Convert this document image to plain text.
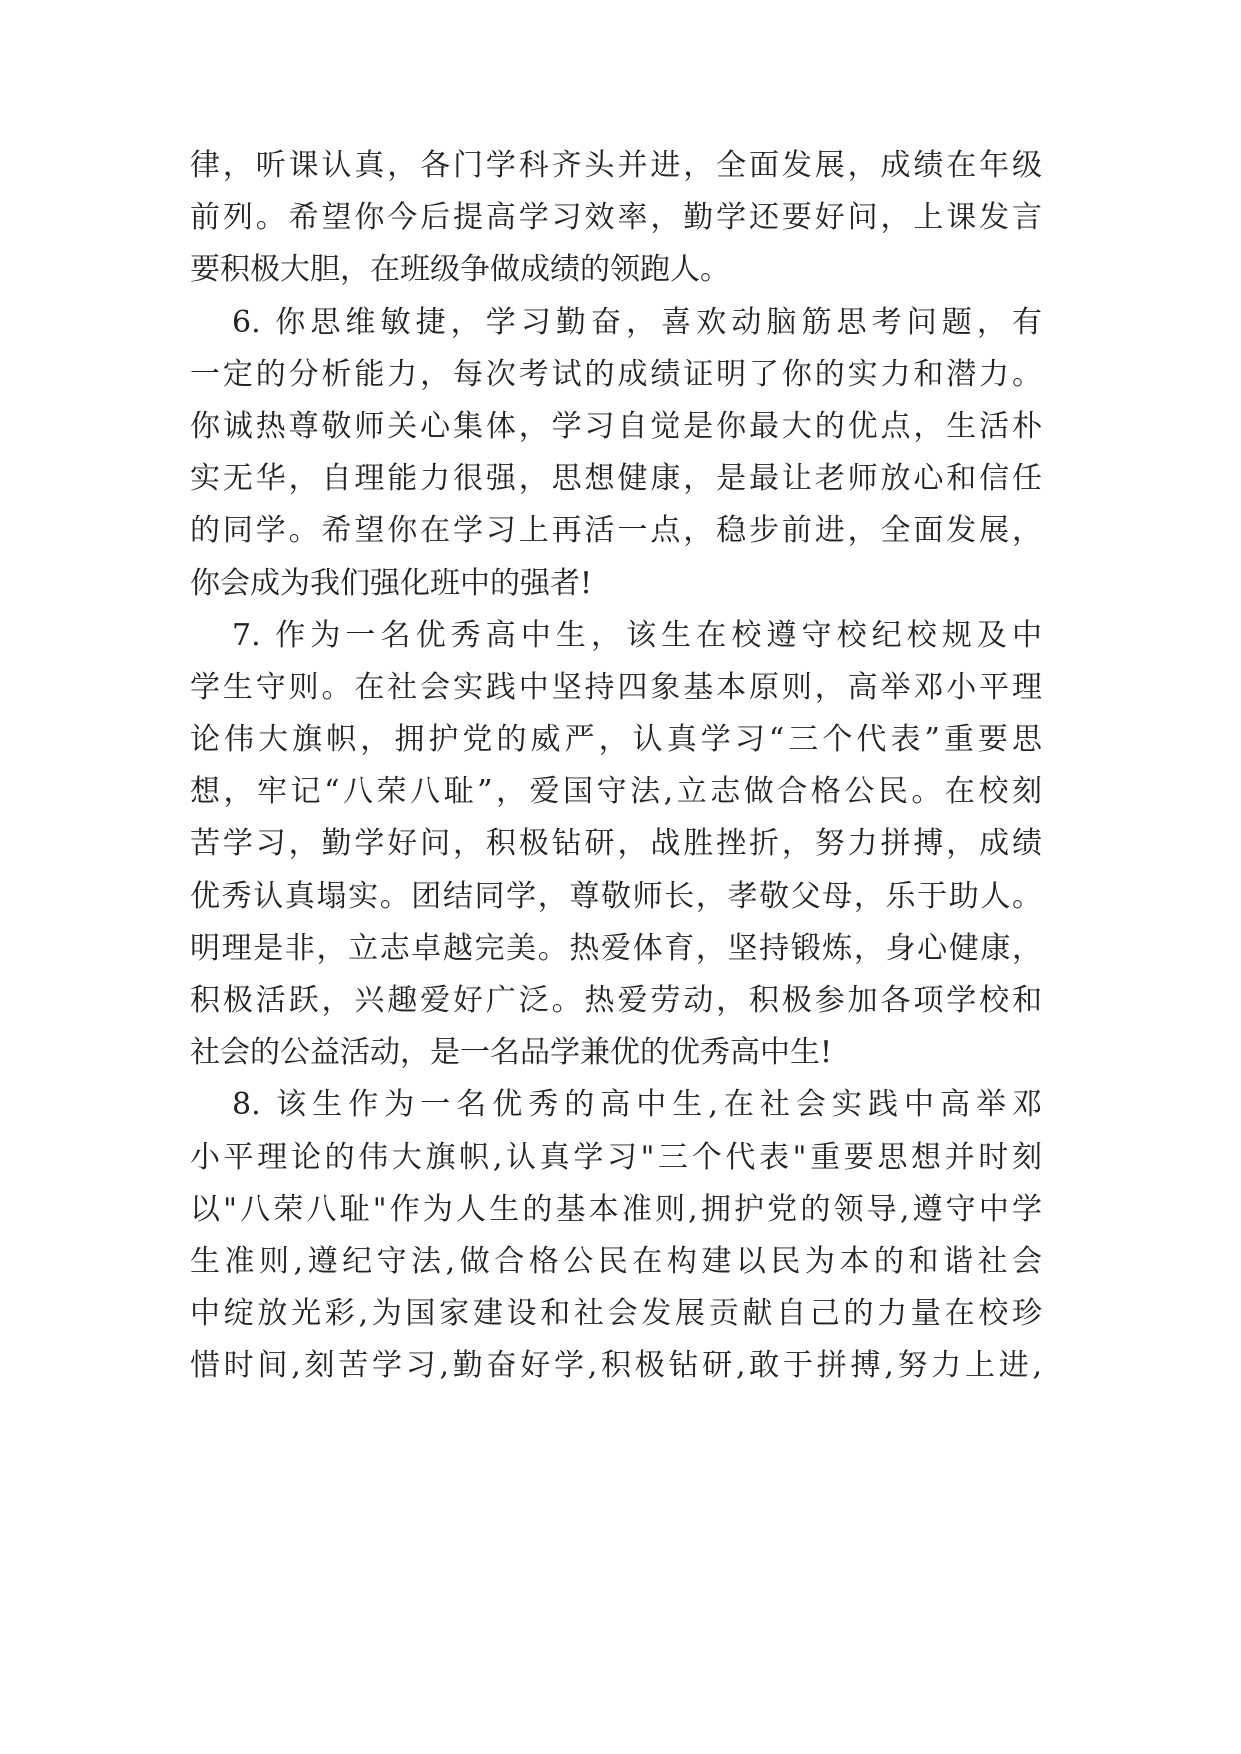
律，听课认真，各门学科齐头并进，全面发展，成绩在年级
前列。希望你今后提高学习效率，勤学还要好问，上课发言
要积极大胆，在班级争做成绩的领跑人。
6. 你思维敏捷，学习勤奋，喜欢动脑筋思考问题，有
一定的分析能力，每次考试的成绩证明了你的实力和潜力。
你诚热尊敬师关心集体，学习自觉是你最大的优点，生活朴
实无华，自理能力很强，思想健康，是最让老师放心和信任
的同学。希望你在学习上再活一点，稳步前进，全面发展，
你会成为我们强化班中的强者!
7. 作为一名优秀高中生，该生在校遵守校纪校规及中
学生守则。在社会实践中坚持四象基本原则，高举邓小平理
论伟大旗帜，拥护党的威严，认真学习“三个代表”重要思
想，牢记“八荣八耻”，爱国守法,立志做合格公民。在校刻
苦学习，勤学好问，积极钻研，战胜挫折，努力拼搏，成绩
优秀认真塌实。团结同学，尊敬师长，孝敬父母，乐于助人。
明理是非，立志卓越完美。热爱体育，坚持锻炼，身心健康，
积极活跃，兴趣爱好广泛。热爱劳动，积极参加各项学校和
社会的公益活动，是一名品学兼优的优秀高中生!
8. 该生作为一名优秀的高中生,在社会实践中高举邓
小平理论的伟大旗帜,认真学习"三个代表"重要思想并时刻
以"八荣八耻"作为人生的基本准则,拥护党的领导,遵守中学
生准则,遵纪守法,做合格公民在构建以民为本的和谐社会
中绽放光彩,为国家建设和社会发展贡献自己的力量在校珍
惜时间,刻苦学习,勤奋好学,积极钻研,敢于拼搏,努力上进,
